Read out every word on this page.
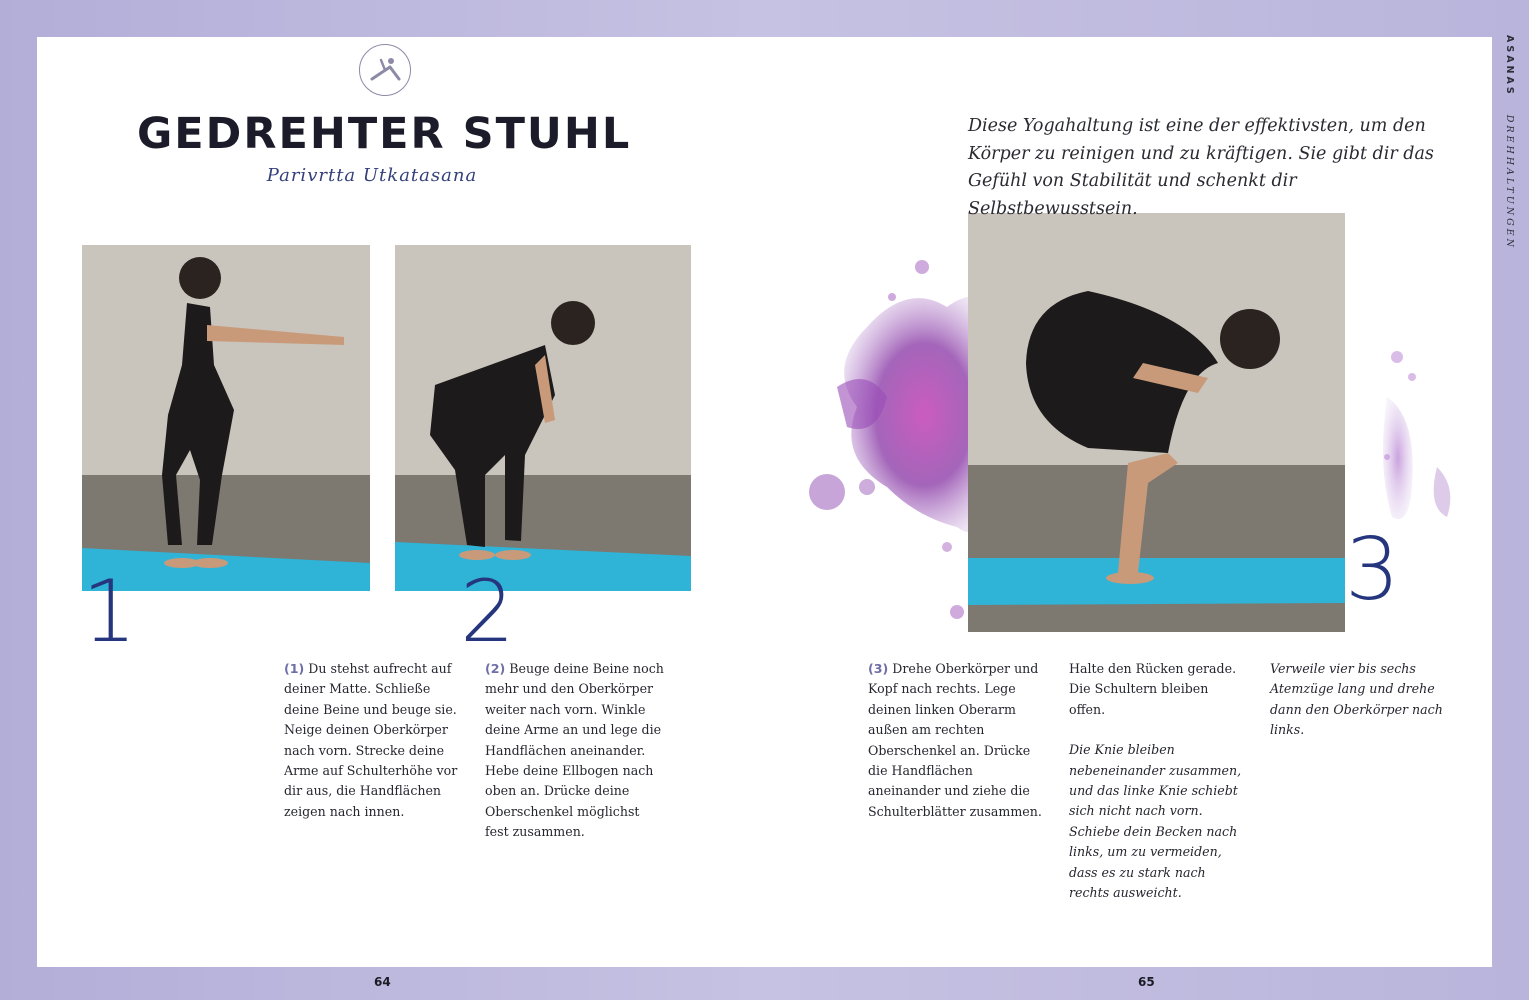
GEDREHTER STUHL
Parivrtta Utkatasana
1	2	3
Diese Yogahaltung ist eine der effektivsten, um den Körper zu reinigen und zu kräftigen. Sie gibt dir das Gefühl von Stabilität und schenkt dir Selbstbewusstsein.
(1) Du stehst aufrecht auf deiner Matte. Schließe deine Beine und beuge sie. Neige deinen Oberkörper nach vorn. Strecke deine Arme auf Schulterhöhe vor dir aus, die Handflächen zeigen nach innen.
(2) Beuge deine Beine noch mehr und den Oberkörper weiter nach vorn. Winkle deine Arme an und lege die Handflächen aneinander. Hebe deine Ellbogen nach oben an. Drücke deine Oberschenkel möglichst fest zusammen.
(3) Drehe Oberkörper und Kopf nach rechts. Lege deinen linken Oberarm außen am rechten Oberschenkel an. Drücke die Handflächen aneinander und ziehe die Schulterblätter zusammen.

Halte den Rücken gerade. Die Schultern bleiben offen.

Die Knie bleiben nebeneinander zusammen, und das linke Knie schiebt sich nicht nach vorn. Schiebe dein Becken nach links, um zu vermeiden, dass es zu stark nach rechts ausweicht.

Verweile vier bis sechs Atemzüge lang und drehe dann den Oberkörper nach links.
64	65
ASANAS   DREHHALTUNGEN
